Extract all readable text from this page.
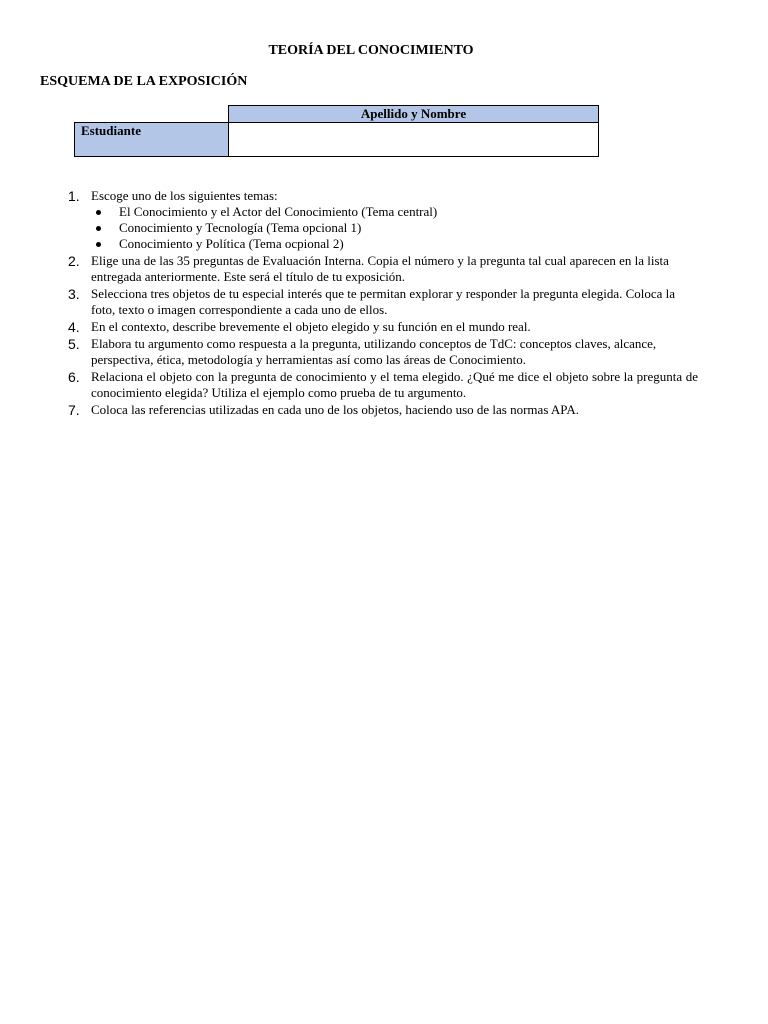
TEORÍA DEL CONOCIMIENTO
ESQUEMA DE LA EXPOSICIÓN
Apellido y Nombre
Estudiante
1. Escoge uno de los siguientes temas:
El Conocimiento y el Actor del Conocimiento (Tema central)
Conocimiento y Tecnología (Tema opcional 1)
Conocimiento y Política (Tema ocpional 2)
2. Elige una de las 35 preguntas de Evaluación Interna. Copia el número y la pregunta tal cual aparecen en la lista entregada anteriormente. Este será el título de tu exposición.
3. Selecciona tres objetos de tu especial interés que te permitan explorar y responder la pregunta elegida. Coloca la foto, texto o imagen correspondiente a cada uno de ellos.
4. En el contexto, describe brevemente el objeto elegido y su función en el mundo real.
5. Elabora tu argumento como respuesta a la pregunta, utilizando conceptos de TdC: conceptos claves, alcance, perspectiva, ética, metodología y herramientas así como las áreas de Conocimiento.
6. Relaciona el objeto con la pregunta de conocimiento y el tema elegido. ¿Qué me dice el objeto sobre la pregunta de conocimiento elegida? Utiliza el ejemplo como prueba de tu argumento.
7. Coloca las referencias utilizadas en cada uno de los objetos, haciendo uso de las normas APA.
